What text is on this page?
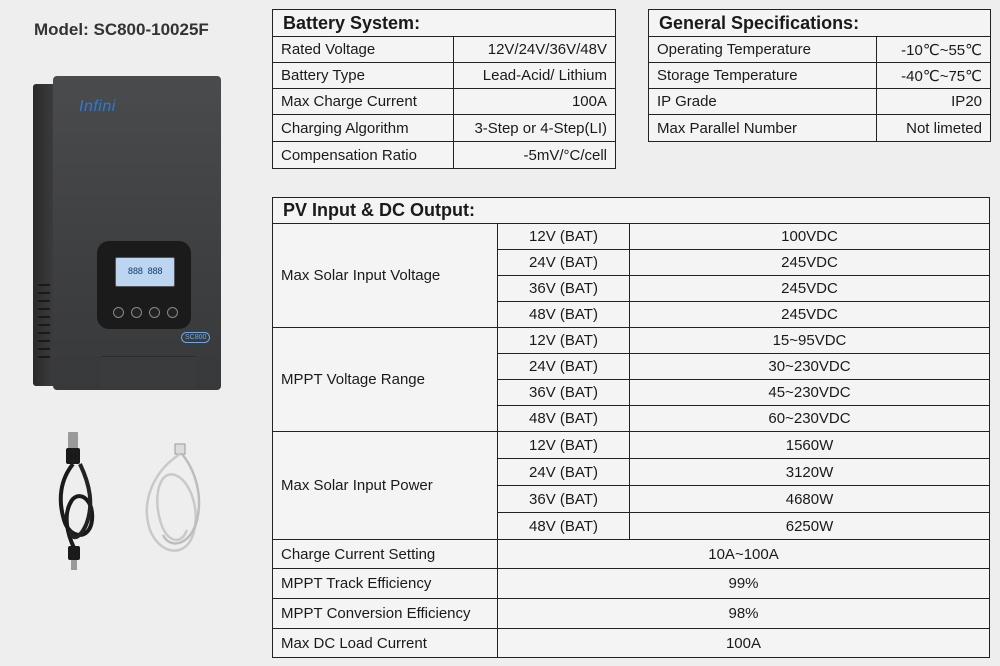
Model: SC800-10025F
Infini
888 888
SC800
Battery System:	
Rated Voltage	12V/24V/36V/48V
Battery Type	Lead-Acid/ Lithium
Max Charge Current	100A
Charging Algorithm	3-Step or 4-Step(LI)
Compensation Ratio	-5mV/°C/cell
General Specifications:	
Operating Temperature	-10℃~55℃
Storage Temperature	-40℃~75℃
IP Grade	IP20
Max Parallel Number	Not limeted
PV Input & DC Output:		
Max Solar Input Voltage	12V (BAT)	100VDC
	24V (BAT)	245VDC
	36V (BAT)	245VDC
	48V (BAT)	245VDC
MPPT Voltage Range	12V (BAT)	15~95VDC
	24V (BAT)	30~230VDC
	36V (BAT)	45~230VDC
	48V (BAT)	60~230VDC
Max Solar Input Power	12V (BAT)	1560W
	24V (BAT)	3120W
	36V (BAT)	4680W
	48V (BAT)	6250W
Charge Current Setting	10A~100A	
MPPT Track Efficiency	99%	
MPPT Conversion Efficiency	98%	
Max DC Load Current	100A	
